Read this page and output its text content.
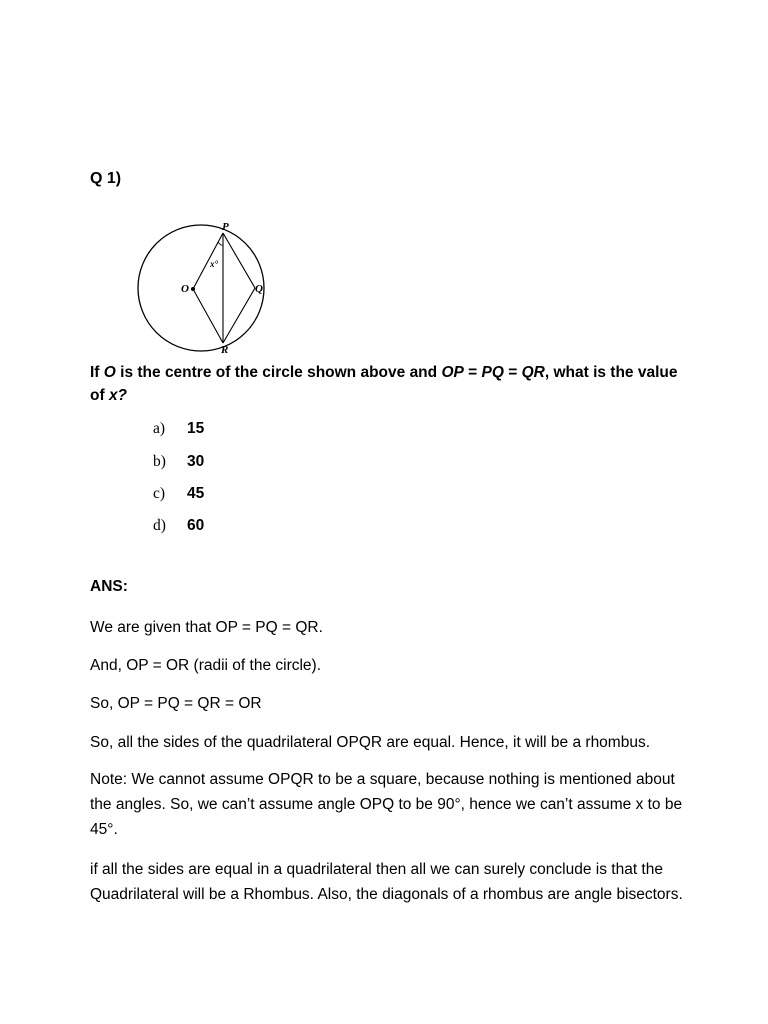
Q 1)
P
Q
R
O
x°
If O is the centre of the circle shown above and OP = PQ = QR, what is the value of x?
a) 15
b) 30
c) 45
d) 60
ANS:
We are given that OP = PQ = QR.
And, OP = OR (radii of the circle).
So, OP = PQ = QR = OR
So, all the sides of the quadrilateral OPQR are equal. Hence, it will be a rhombus.
Note: We cannot assume OPQR to be a square, because nothing is mentioned about the angles. So, we can’t assume angle OPQ to be 90°, hence we can’t assume x to be 45°.
if all the sides are equal in a quadrilateral then all we can surely conclude is that the Quadrilateral will be a Rhombus. Also, the diagonals of a rhombus are angle bisectors.
